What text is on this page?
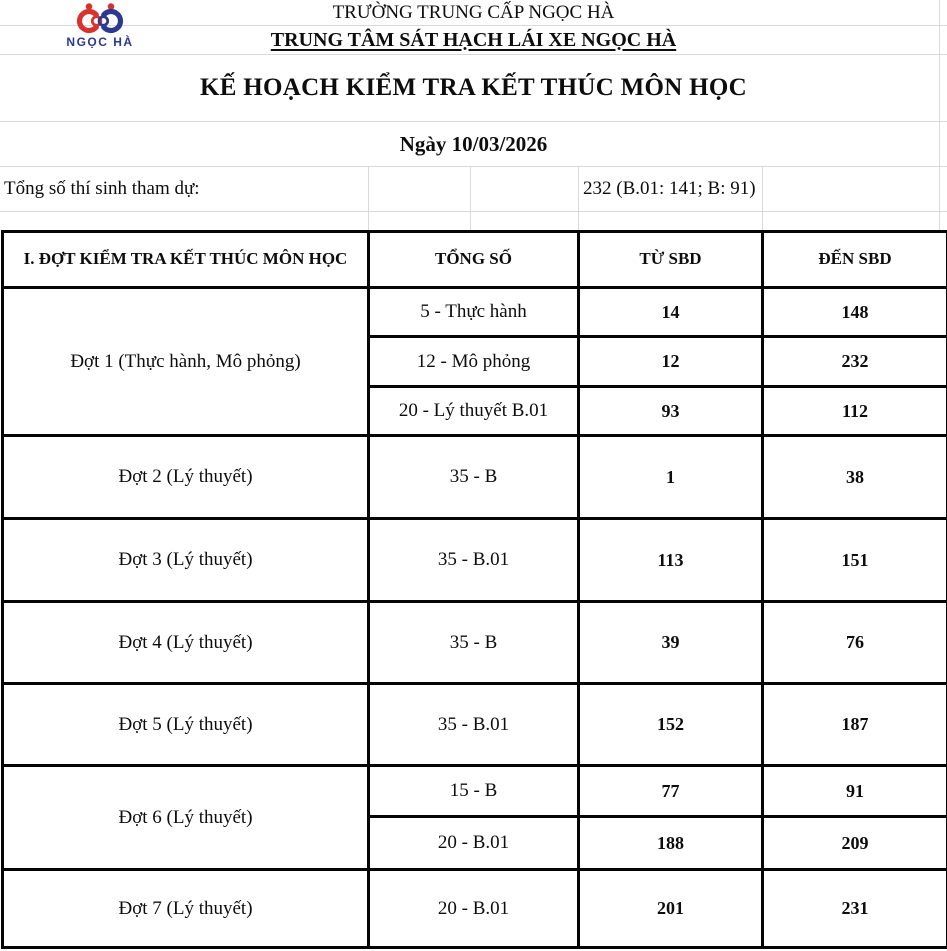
NGỌC HÀ
TRƯỜNG TRUNG CẤP NGỌC HÀ
TRUNG TÂM SÁT HẠCH LÁI XE NGỌC HÀ
KẾ HOẠCH KIỂM TRA KẾT THÚC MÔN HỌC
Ngày 10/03/2026
Tổng số thí sinh tham dự:	232 (B.01: 141; B: 91)
I. ĐỢT KIỂM TRA KẾT THÚC MÔN HỌC	TỔNG SỐ	TỪ SBD	ĐẾN SBD
Đợt 1 (Thực hành, Mô phỏng)	5 - Thực hành	14	148
	12 - Mô phỏng	12	232
	20 - Lý thuyết B.01	93	112
Đợt 2 (Lý thuyết)	35 - B	1	38
Đợt 3 (Lý thuyết)	35 - B.01	113	151
Đợt 4 (Lý thuyết)	35 - B	39	76
Đợt 5 (Lý thuyết)	35 - B.01	152	187
Đợt 6 (Lý thuyết)	15 - B	77	91
	20 - B.01	188	209
Đợt 7 (Lý thuyết)	20 - B.01	201	231
